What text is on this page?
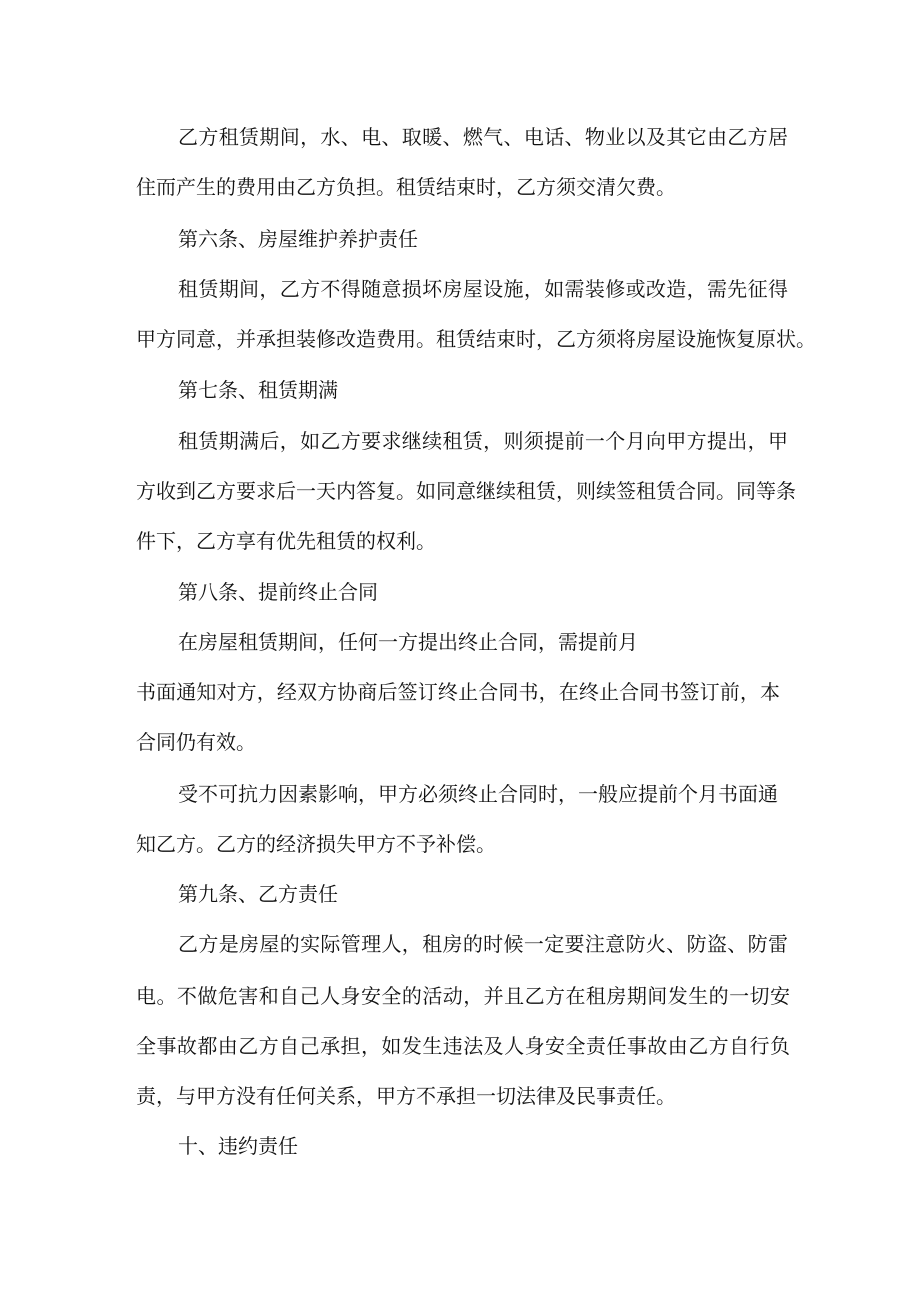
乙方租赁期间，水、电、取暖、燃气、电话、物业以及其它由乙方居
住而产生的费用由乙方负担。租赁结束时，乙方须交清欠费。
第六条、房屋维护养护责任
租赁期间，乙方不得随意损坏房屋设施，如需装修或改造，需先征得
甲方同意，并承担装修改造费用。租赁结束时，乙方须将房屋设施恢复原状。
第七条、租赁期满
租赁期满后，如乙方要求继续租赁，则须提前一个月向甲方提出，甲
方收到乙方要求后一天内答复。如同意继续租赁，则续签租赁合同。同等条
件下，乙方享有优先租赁的权利。
第八条、提前终止合同
在房屋租赁期间，任何一方提出终止合同，需提前月
书面通知对方，经双方协商后签订终止合同书，在终止合同书签订前，本
合同仍有效。
受不可抗力因素影响，甲方必须终止合同时，一般应提前个月书面通
知乙方。乙方的经济损失甲方不予补偿。
第九条、乙方责任
乙方是房屋的实际管理人，租房的时候一定要注意防火、防盗、防雷
电。不做危害和自己人身安全的活动，并且乙方在租房期间发生的一切安
全事故都由乙方自己承担，如发生违法及人身安全责任事故由乙方自行负
责，与甲方没有任何关系，甲方不承担一切法律及民事责任。
十、违约责任
